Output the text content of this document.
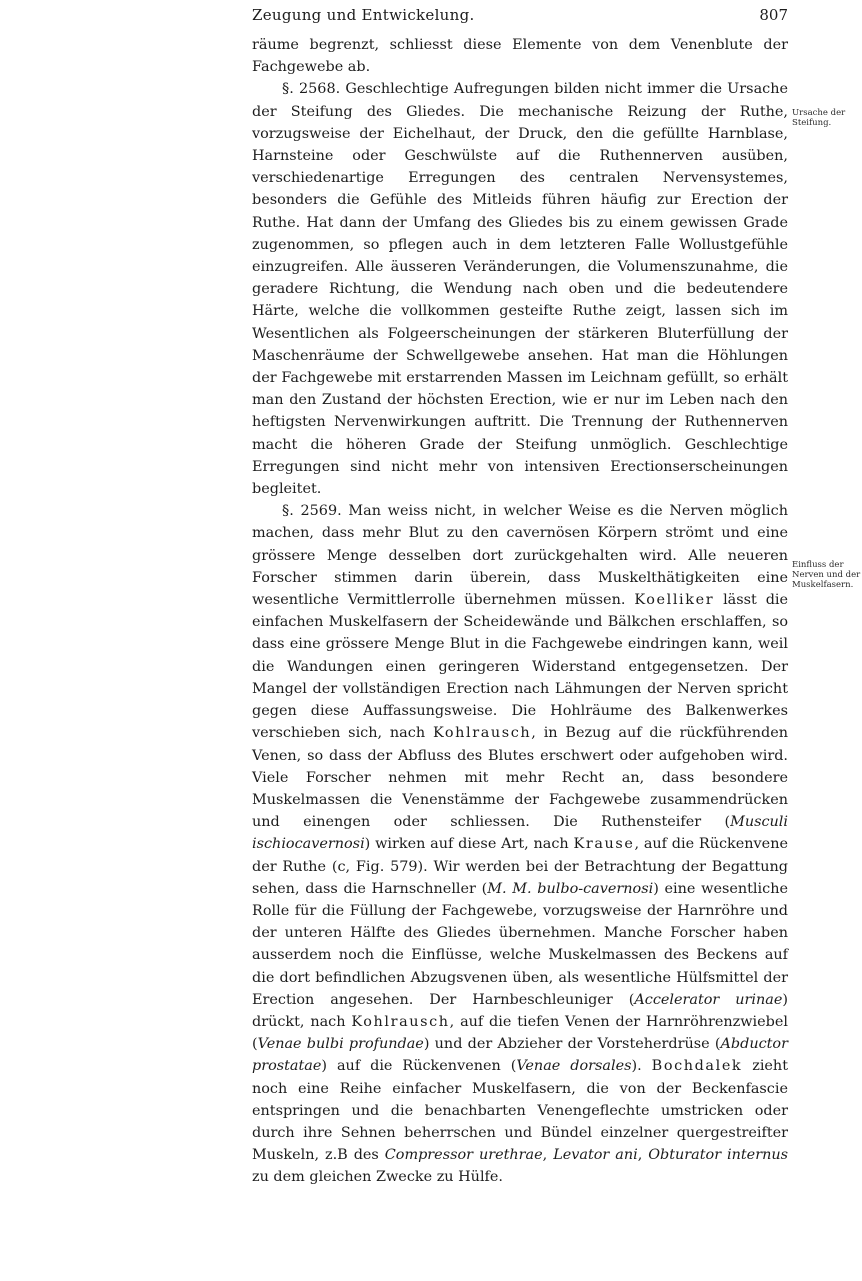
Zeugung und Entwickelung.	807

räume begrenzt, schliesst diese Elemente von dem Venenblute der Fachgewebe ab.

§. 2568. Geschlechtige Aufregungen bilden nicht immer die Ursache der Steifung des Gliedes. Die mechanische Reizung der Ruthe, vorzugsweise der Eichelhaut, der Druck, den die gefüllte Harnblase, Harnsteine oder Geschwülste auf die Ruthennerven ausüben, verschiedenartige Erregungen des centralen Nervensystemes, besonders die Gefühle des Mitleids führen häufig zur Erection der Ruthe. Hat dann der Umfang des Gliedes bis zu einem gewissen Grade zugenommen, so pflegen auch in dem letzteren Falle Wollustgefühle einzugreifen. Alle äusseren Veränderungen, die Volumenszunahme, die geradere Richtung, die Wendung nach oben und die bedeutendere Härte, welche die vollkommen gesteifte Ruthe zeigt, lassen sich im Wesentlichen als Folgeerscheinungen der stärkeren Bluterfüllung der Maschenräume der Schwellgewebe ansehen. Hat man die Höhlungen der Fachgewebe mit erstarrenden Massen im Leichnam gefüllt, so erhält man den Zustand der höchsten Erection, wie er nur im Leben nach den heftigsten Nervenwirkungen auftritt. Die Trennung der Ruthennerven macht die höheren Grade der Steifung unmöglich. Geschlechtige Erregungen sind nicht mehr von intensiven Erectionserscheinungen begleitet.

§. 2569. Man weiss nicht, in welcher Weise es die Nerven möglich machen, dass mehr Blut zu den cavernösen Körpern strömt und eine grössere Menge desselben dort zurückgehalten wird. Alle neueren Forscher stimmen darin überein, dass Muskelthätigkeiten eine wesentliche Vermittlerrolle übernehmen müssen. Koelliker lässt die einfachen Muskelfasern der Scheidewände und Bälkchen erschlaffen, so dass eine grössere Menge Blut in die Fachgewebe eindringen kann, weil die Wandungen einen geringeren Widerstand entgegensetzen. Der Mangel der vollständigen Erection nach Lähmungen der Nerven spricht gegen diese Auffassungsweise. Die Hohlräume des Balkenwerkes verschieben sich, nach Kohlrausch, in Bezug auf die rückführenden Venen, so dass der Abfluss des Blutes erschwert oder aufgehoben wird. Viele Forscher nehmen mit mehr Recht an, dass besondere Muskelmassen die Venenstämme der Fachgewebe zusammendrücken und einengen oder schliessen. Die Ruthensteifer (Musculi ischiocavernosi) wirken auf diese Art, nach Krause, auf die Rückenvene der Ruthe (c, Fig. 579). Wir werden bei der Betrachtung der Begattung sehen, dass die Harnschneller (M. M. bulbo-cavernosi) eine wesentliche Rolle für die Füllung der Fachgewebe, vorzugsweise der Harnröhre und der unteren Hälfte des Gliedes übernehmen. Manche Forscher haben ausserdem noch die Einflüsse, welche Muskelmassen des Beckens auf die dort befindlichen Abzugsvenen üben, als wesentliche Hülfsmittel der Erection angesehen. Der Harnbeschleuniger (Accelerator urinae) drückt, nach Kohlrausch, auf die tiefen Venen der Harnröhrenzwiebel (Venae bulbi profundae) und der Abzieher der Vorsteherdrüse (Abductor prostatae) auf die Rückenvenen (Venae dorsales). Bochdalek zieht noch eine Reihe einfacher Muskelfasern, die von der Beckenfascie entspringen und die benachbarten Venengeflechte umstricken oder durch ihre Sehnen beherrschen und Bündel einzelner quergestreifter Muskeln, z.B des Compressor urethrae, Levator ani, Obturator internus zu dem gleichen Zwecke zu Hülfe.

Ursache der Steifung.
Einfluss der Nerven und der Muskelfasern.
